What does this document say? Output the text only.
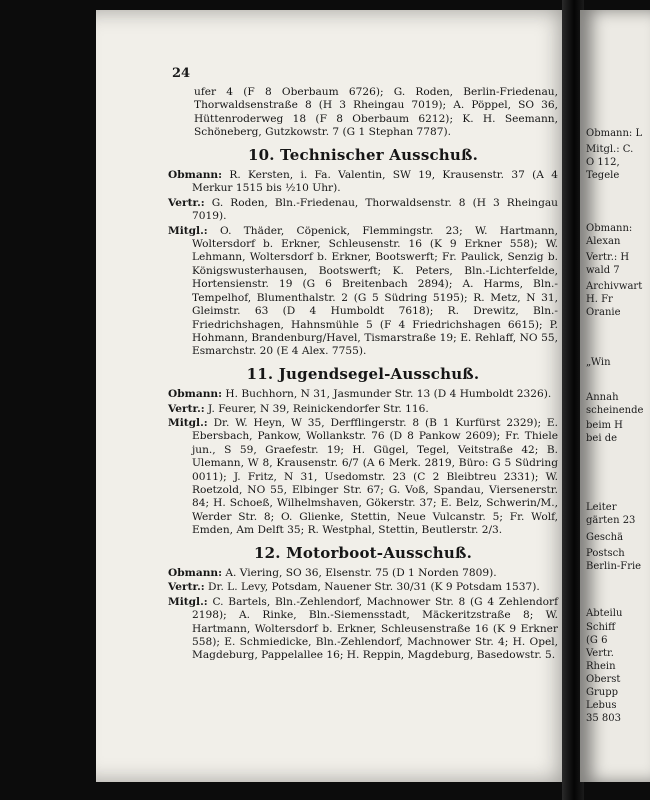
24

ufer 4 (F 8 Oberbaum 6726); G. Roden, Berlin-Friedenau, Thorwaldsenstraße 8 (H 3 Rheingau 7019); A. Pöppel, SO 36, Hüttenroderweg 18 (F 8 Oberbaum 6212); K. H. Seemann, Schöneberg, Gutzkowstr. 7 (G 1 Stephan 7787).

10. Technischer Ausschuß.

Obmann: R. Kersten, i. Fa. Valentin, SW 19, Krausenstr. 37 (A 4 Merkur 1515 bis ½10 Uhr).

Vertr.: G. Roden, Bln.-Friedenau, Thorwaldsenstr. 8 (H 3 Rheingau 7019).

Mitgl.: O. Thäder, Cöpenick, Flemmingstr. 23; W. Hartmann, Woltersdorf b. Erkner, Schleusenstr. 16 (K 9 Erkner 558); W. Lehmann, Woltersdorf b. Erkner, Bootswerft; Fr. Paulick, Senzig b. Königswusterhausen, Bootswerft; K. Peters, Bln.-Lichterfelde, Hortensienstr. 19 (G 6 Breitenbach 2894); A. Harms, Bln.-Tempelhof, Blumenthalstr. 2 (G 5 Südring 5195); R. Metz, N 31, Gleimstr. 63 (D 4 Humboldt 7618); R. Drewitz, Bln.-Friedrichshagen, Hahnsmühle 5 (F 4 Friedrichshagen 6615); P. Hohmann, Brandenburg/Havel, Tismarstraße 19; E. Rehlaff, NO 55, Esmarchstr. 20 (E 4 Alex. 7755).

11. Jugendsegel-Ausschuß.

Obmann: H. Buchhorn, N 31, Jasmunder Str. 13 (D 4 Humboldt 2326).

Vertr.: J. Feurer, N 39, Reinickendorfer Str. 116.

Mitgl.: Dr. W. Heyn, W 35, Derfflingerstr. 8 (B 1 Kurfürst 2329); E. Ebersbach, Pankow, Wollankstr. 76 (D 8 Pankow 2609); Fr. Thiele jun., S 59, Graefestr. 19; H. Gügel, Tegel, Veitstraße 42; B. Ulemann, W 8, Krausenstr. 6/7 (A 6 Merk. 2819, Büro: G 5 Südring 0011); J. Fritz, N 31, Usedomstr. 23 (C 2 Bleibtreu 2331); W. Roetzold, NO 55, Elbinger Str. 67; G. Voß, Spandau, Viersenerstr. 84; H. Schoeß, Wilhelmshaven, Gökerstr. 37; E. Belz, Schwerin/M., Werder Str. 8; O. Glienke, Stettin, Neue Vulcanstr. 5; Fr. Wolf, Emden, Am Delft 35; R. Westphal, Stettin, Beutlerstr. 2/3.

12. Motorboot-Ausschuß.

Obmann: A. Viering, SO 36, Elsenstr. 75 (D 1 Norden 7809).

Vertr.: Dr. L. Levy, Potsdam, Nauener Str. 30/31 (K 9 Potsdam 1537).

Mitgl.: C. Bartels, Bln.-Zehlendorf, Machnower Str. 8 (G 4 Zehlendorf 2198); A. Rinke, Bln.-Siemensstadt, Mäckeritzstraße 8; W. Hartmann, Woltersdorf b. Erkner, Schleusenstraße 16 (K 9 Erkner 558); E. Schmiedicke, Bln.-Zehlendorf, Machnower Str. 4; H. Opel, Magdeburg, Pappelallee 16; H. Reppin, Magdeburg, Basedowstr. 5.

Obmann: L
Mitgl.: C.
O 112,
Tegele
Obmann:
Alexan
Vertr.: H
wald 7
Archivwart
H. Fr
Oranie
„Win
Annah
scheinende
beim H
bei de
Leiter
gärten 23
Geschä
Postsch
Berlin-Frie
Abteilu
Schiff
(G 6
Vertr.
Rhein
Oberst
Grupp
Lebus
35 803
